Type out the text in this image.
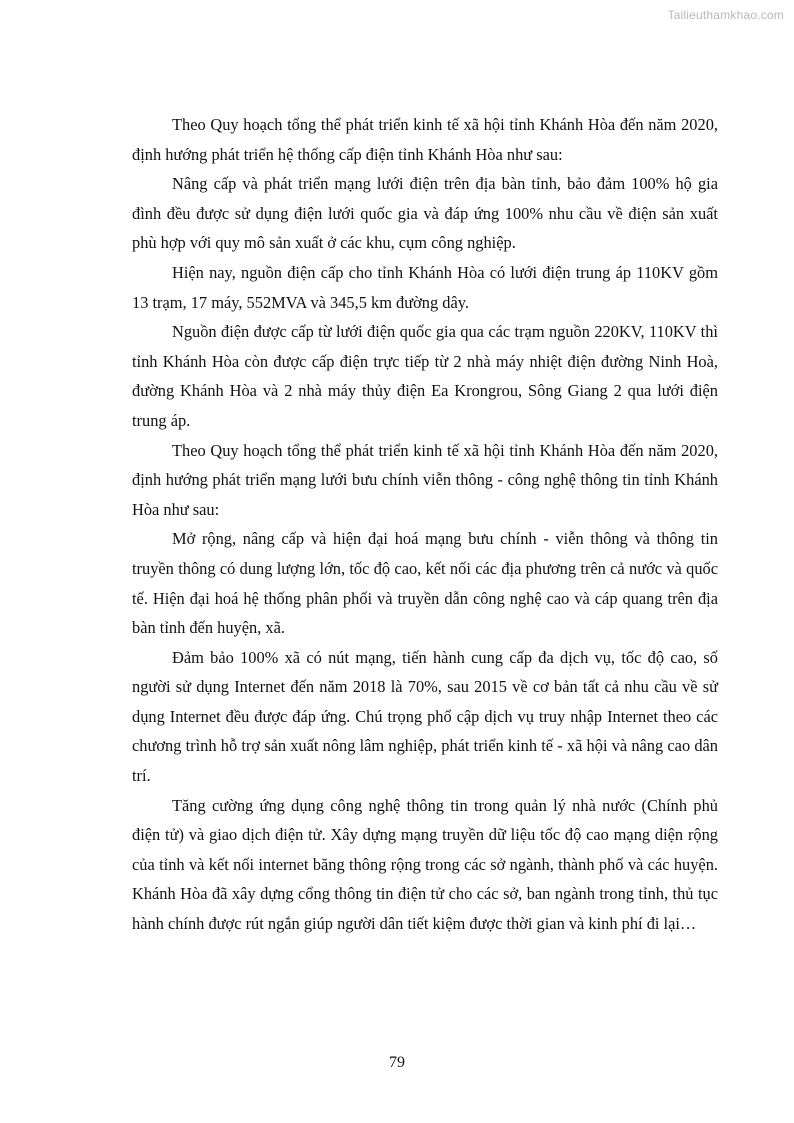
Tailieuthamkhao.com

Theo Quy hoạch tổng thể phát triển kinh tế xã hội tỉnh Khánh Hòa đến năm 2020, định hướng phát triển hệ thống cấp điện tỉnh Khánh Hòa như sau:

Nâng cấp và phát triển mạng lưới điện trên địa bàn tỉnh, bảo đảm 100% hộ gia đình đều được sử dụng điện lưới quốc gia và đáp ứng 100% nhu cầu về điện sản xuất phù hợp với quy mô sản xuất ở các khu, cụm công nghiệp.

Hiện nay, nguồn điện cấp cho tỉnh Khánh Hòa có lưới điện trung áp 110KV gồm 13 trạm, 17 máy, 552MVA và 345,5 km đường dây.

Nguồn điện được cấp từ lưới điện quốc gia qua các trạm nguồn 220KV, 110KV thì tỉnh Khánh Hòa còn được cấp điện trực tiếp từ 2 nhà máy nhiệt điện đường Ninh Hoà, đường Khánh Hòa và 2 nhà máy thủy điện Ea Krongrou, Sông Giang 2 qua lưới điện trung áp.

Theo Quy hoạch tổng thể phát triển kinh tế xã hội tỉnh Khánh Hòa đến năm 2020, định hướng phát triển mạng lưới bưu chính viễn thông - công nghệ thông tin tỉnh Khánh Hòa như sau:

Mở rộng, nâng cấp và hiện đại hoá mạng bưu chính - viễn thông và thông tin truyền thông có dung lượng lớn, tốc độ cao, kết nối các địa phương trên cả nước và quốc tế. Hiện đại hoá hệ thống phân phối và truyền dẫn công nghệ cao và cáp quang trên địa bàn tỉnh đến huyện, xã.

Đảm bảo 100% xã có nút mạng, tiến hành cung cấp đa dịch vụ, tốc độ cao, số người sử dụng Internet đến năm 2018 là 70%, sau 2015 về cơ bản tất cả nhu cầu về sử dụng Internet đều được đáp ứng. Chú trọng phổ cập dịch vụ truy nhập Internet theo các chương trình hỗ trợ sản xuất nông lâm nghiệp, phát triển kinh tế - xã hội và nâng cao dân trí.

Tăng cường ứng dụng công nghệ thông tin trong quản lý nhà nước (Chính phủ điện tử) và giao dịch điện tử. Xây dựng mạng truyền dữ liệu tốc độ cao mạng diện rộng của tỉnh và kết nối internet băng thông rộng trong các sở ngành, thành phố và các huyện. Khánh Hòa đã xây dựng cổng thông tin điện tử cho các sở, ban ngành trong tỉnh, thủ tục hành chính được rút ngắn giúp người dân tiết kiệm được thời gian và kinh phí đi lại…

79
